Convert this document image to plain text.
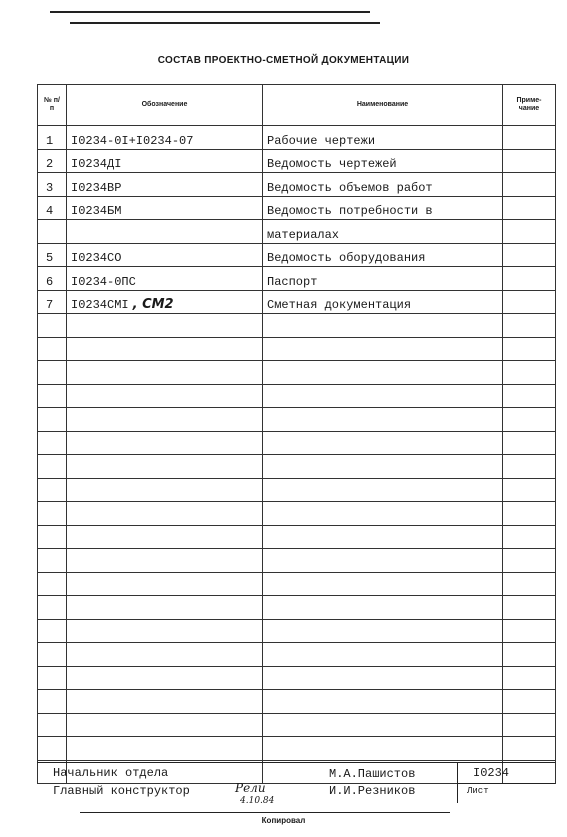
СОСТАВ ПРОЕКТНО-СМЕТНОЙ ДОКУМЕНТАЦИИ
№ п/п	Обозначение	Наименование	Приме-чание
1	I0234-0I+I0234-07	Рабочие чертежи	
2	I0234ДI	Ведомость чертежей	
3	I0234ВР	Ведомость объемов работ	
4	I0234БМ	Ведомость потребности в	
		материалах	
5	I0234CO	Ведомость оборудования	
6	I0234-0ПС	Паспорт	
7	I0234СМI , СМ2	Сметная документация	

Начальник отдела
Главный конструктор	Рели
4.10.84
М.А.Пашистов
И.И.Резников
I0234
Лист
Копировал
